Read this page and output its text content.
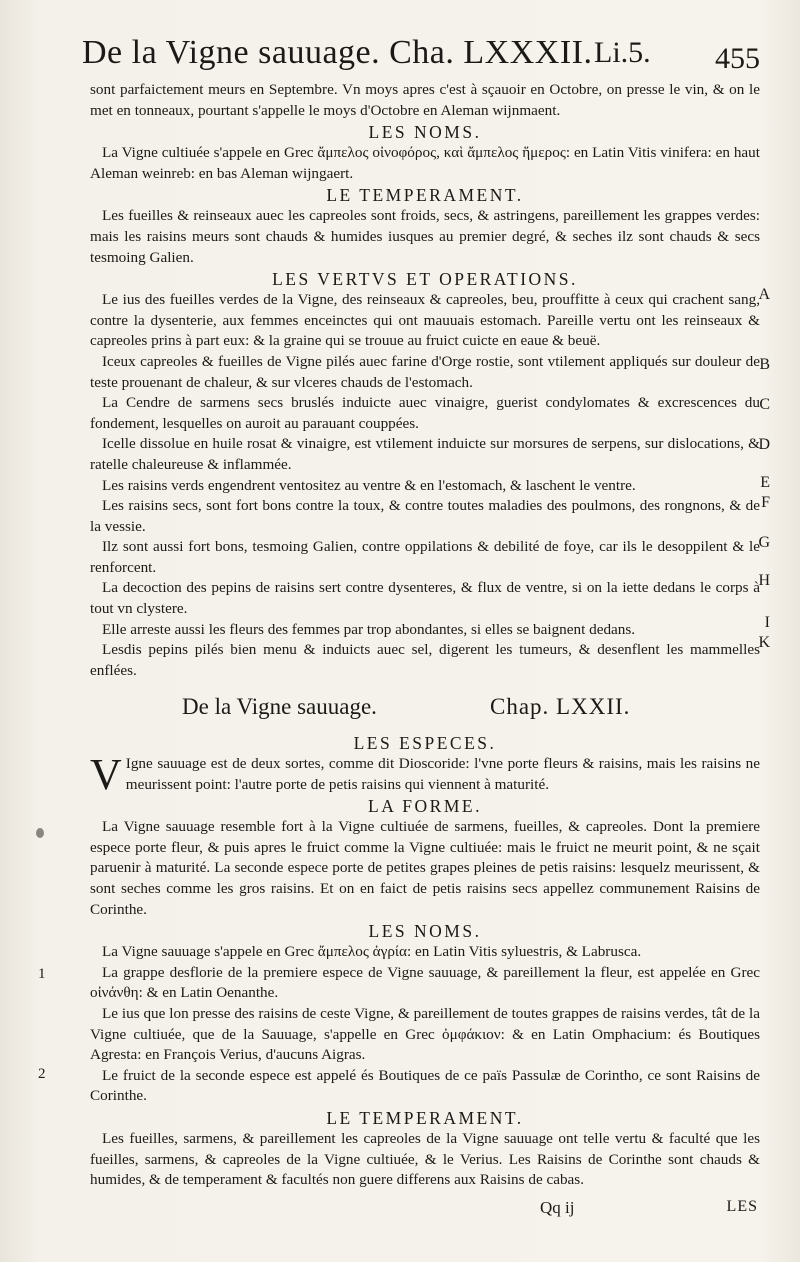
De la Vigne sauuage. Cha. LXXXII. Li.5. 455

sont parfaictement meurs en Septembre. Vn moys apres c'est à sçauoir en Octobre, on presse le vin, & on le met en tonneaux, pourtant s'appelle le moys d'Octobre en Aleman wijnmaent.

LES NOMS.

La Vigne cultiuée s'appele en Grec ἄμπελος οἰνοφόρος, καὶ ἄμπελος ἥμερος: en Latin Vitis vinifera: en haut Aleman weinreb: en bas Aleman wijngaert.

LE TEMPERAMENT.

Les fueilles & reinseaux auec les capreoles sont froids, secs, & astringens, pareillement les grappes verdes: mais les raisins meurs sont chauds & humides iusques au premier degré, & seches ilz sont chauds & secs tesmoing Galien.

LES VERTVS ET OPERATIONS.

Le ius des fueilles verdes de la Vigne, des reinseaux & capreoles, beu, prouffitte à ceux qui crachent sang, contre la dysenterie, aux femmes enceinctes qui ont mauuais estomach. Pareille vertu ont les reinseaux & capreoles prins à part eux: & la graine qui se trouue au fruict cuicte en eaue & beuë.

Iceux capreoles & fueilles de Vigne pilés auec farine d'Orge rostie, sont vtilement appliqués sur douleur de teste prouenant de chaleur, & sur vlceres chauds de l'estomach.

La Cendre de sarmens secs bruslés induicte auec vinaigre, guerist condylomates & excrescences du fondement, lesquelles on auroit au parauant couppées.

Icelle dissolue en huile rosat & vinaigre, est vtilement induicte sur morsures de serpens, sur dislocations, & ratelle chaleureuse & inflammée.

Les raisins verds engendrent ventositez au ventre & en l'estomach, & laschent le ventre.

Les raisins secs, sont fort bons contre la toux, & contre toutes maladies des poulmons, des rongnons, & de la vessie.

Ilz sont aussi fort bons, tesmoing Galien, contre oppilations & debilité de foye, car ils le desoppilent & le renforcent.

La decoction des pepins de raisins sert contre dysenteres, & flux de ventre, si on la iette dedans le corps à tout vn clystere.

Elle arreste aussi les fleurs des femmes par trop abondantes, si elles se baignent dedans.

Lesdis pepins pilés bien menu & induicts auec sel, digerent les tumeurs, & desenflent les mammelles enflées.

A
B
C
D
E
F
G
H
I
K
De la Vigne sauuage.	Chap. LXXII.

LES ESPECES.

V Igne sauuage est de deux sortes, comme dit Dioscoride: l'vne porte fleurs & raisins, mais les raisins ne meurissent point: l'autre porte de petis raisins qui viennent à maturité.

LA FORME.

La Vigne sauuage resemble fort à la Vigne cultiuée de sarmens, fueilles, & capreoles. Dont la premiere espece porte fleur, & puis apres le fruict comme la Vigne cultiuée: mais le fruict ne meurit point, & ne sçait paruenir à maturité. La seconde espece porte de petites grapes pleines de petis raisins: lesquelz meurissent, & sont seches comme les gros raisins. Et on en faict de petis raisins secs appellez communement Raisins de Corinthe.

LES NOMS.

La Vigne sauuage s'appele en Grec ἄμπελος ἀγρία: en Latin Vitis syluestris, & Labrusca.

La grappe desflorie de la premiere espece de Vigne sauuage, & pareillement la fleur, est appelée en Grec οἰνάνθη: & en Latin Oenanthe.

Le ius que lon presse des raisins de ceste Vigne, & pareillement de toutes grappes de raisins verdes, tât de la Vigne cultiuée, que de la Sauuage, s'appelle en Grec ὀμφάκιον: & en Latin Omphacium: és Boutiques Agresta: en François Verius, d'aucuns Aigras.

Le fruict de la seconde espece est appelé és Boutiques de ce païs Passulæ de Corintho, ce sont Raisins de Corinthe.

LE TEMPERAMENT.

Les fueilles, sarmens, & pareillement les capreoles de la Vigne sauuage ont telle vertu & faculté que les fueilles, sarmens, & capreoles de la Vigne cultiuée, & le Verius. Les Raisins de Corinthe sont chauds & humides, & de temperament & facultés non guere differens aux Raisins de cabas.

1
2
Qq ij	LES
